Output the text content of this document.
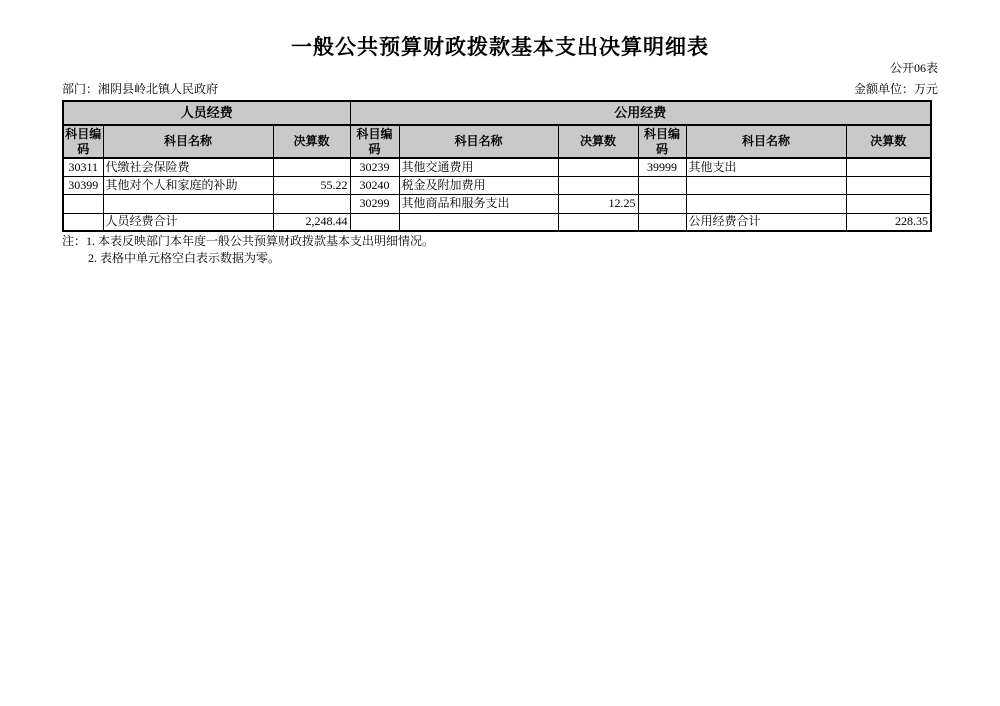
一般公共预算财政拨款基本支出决算明细表
公开06表
部门：湘阴县岭北镇人民政府	金额单位：万元
人员经费			公用经费					
科目编码	科目名称	决算数	科目编码	科目名称	决算数	科目编码	科目名称	决算数
30311	代缴社会保险费		30239	其他交通费用		39999	其他支出	
30399	其他对个人和家庭的补助	55.22	30240	税金及附加费用				
			30299	其他商品和服务支出	12.25			
	人员经费合计	2,248.44					公用经费合计	228.35
注：1. 本表反映部门本年度一般公共预算财政拨款基本支出明细情况。
2. 表格中单元格空白表示数据为零。
